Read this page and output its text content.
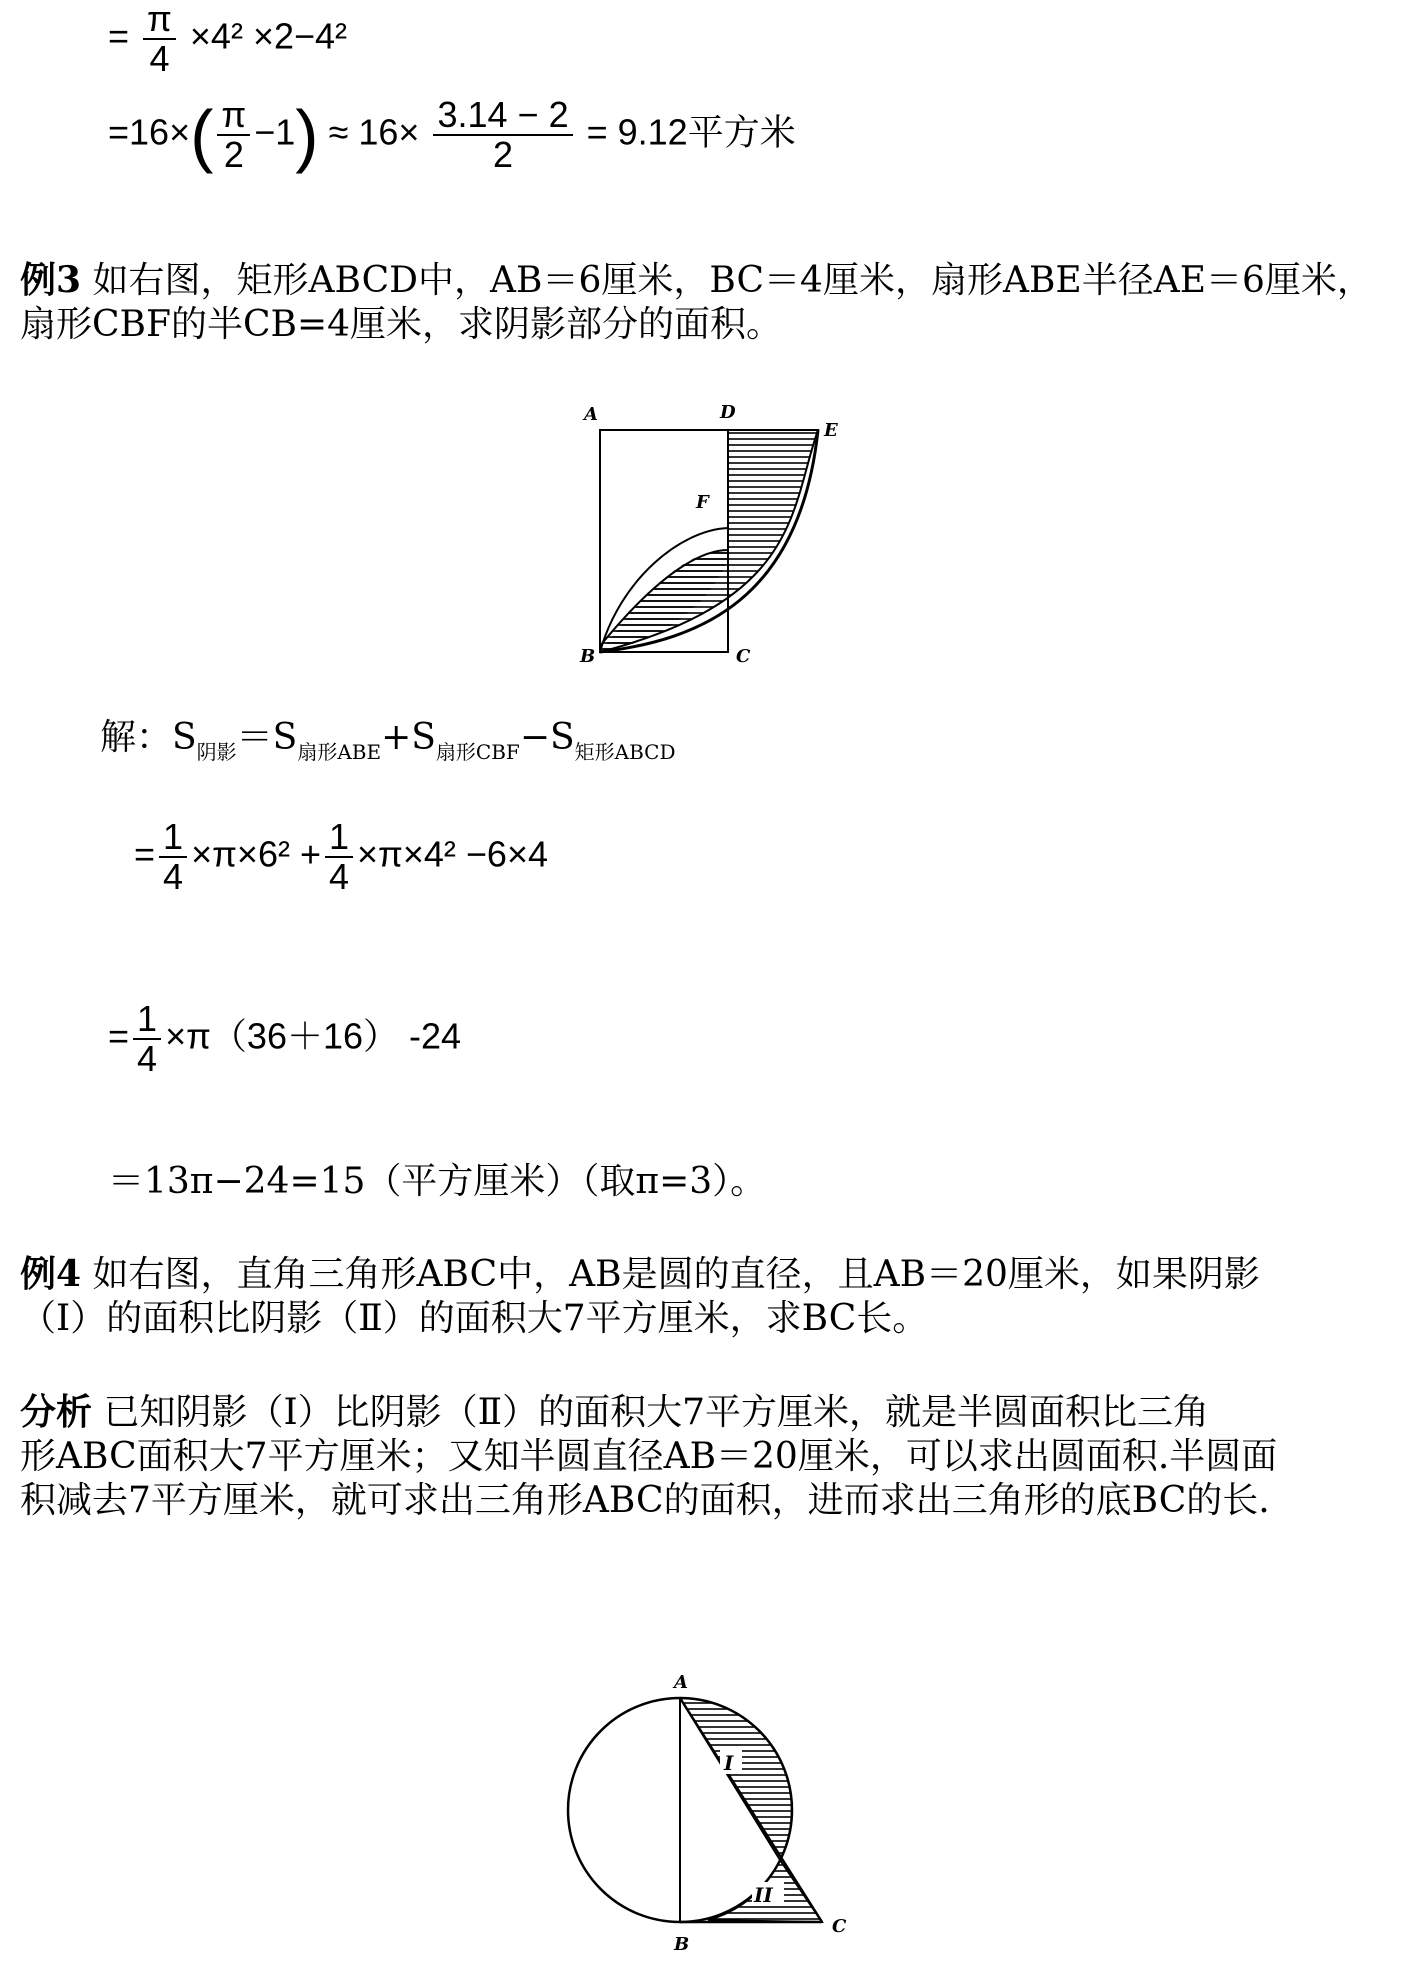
= $\frac{\pi}{4} \times 4^2 \times 2-4^2$
$=16\times( \frac{\pi}{2} -1) \approx 16\times \frac{3.14 - 2}{2} = 9.12$平方米
例3 如右图，矩形ABCD中，AB＝6厘米，BC＝4厘米，扇形ABE半径AE＝6厘米，
扇形CBF的半CB=4厘米，求阴影部分的面积。
A	D
E
F
B	C
解：$S_{阴影}=S_{扇形ABE}+S_{扇形CBF}-S_{矩形ABCD}$
= $\frac{1}{4} \times\pi\times 6^2 + \frac{1}{4} \times\pi\times 4^2 -6\times 4$
= $\frac{1}{4} \times\pi(36+16)$ -24
＝13π−24=15（平方厘米）（取π=3）。
例4 如右图，直角三角形ABC中，AB是圆的直径，且AB＝20厘米，如果阴影
（Ⅰ）的面积比阴影（Ⅱ）的面积大7平方厘米，求BC长。
分析 已知阴影（Ⅰ）比阴影（Ⅱ）的面积大7平方厘米，就是半圆面积比三角
形ABC面积大7平方厘米；又知半圆直径AB＝20厘米，可以求出圆面积.半圆面
积减去7平方厘米，就可求出三角形ABC的面积，进而求出三角形的底BC的长.
I
II
A
B
C
